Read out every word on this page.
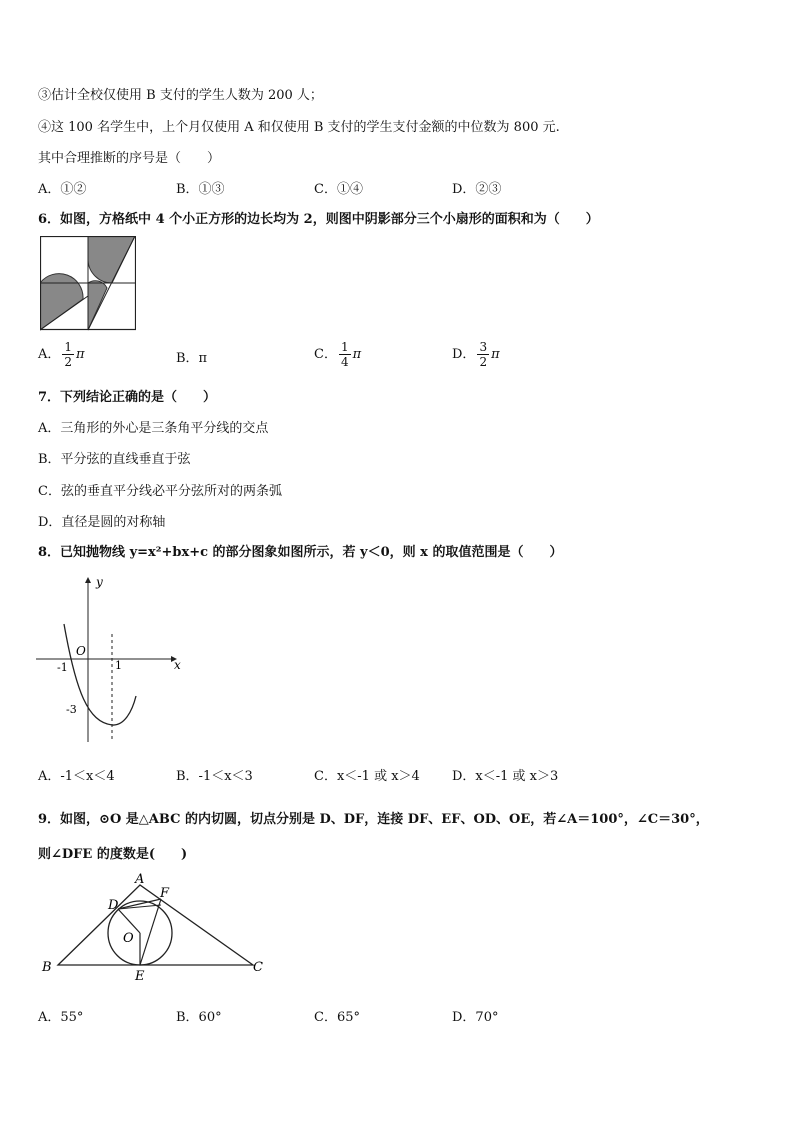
③估计全校仅使用 B 支付的学生人数为 200 人；
④这 100 名学生中，上个月仅使用 A 和仅使用 B 支付的学生支付金额的中位数为 800 元.
其中合理推断的序号是（　　）
A．①②	B．①③	C．①④	D．②③
6．如图，方格纸中 4 个小正方形的边长均为 2，则图中阴影部分三个小扇形的面积和为（　　）
A． $\frac{1}{2}$ π	B．π	C． $\frac{1}{4}$ π	D． $\frac{3}{2}$ π
7．下列结论正确的是（　　）
A．三角形的外心是三条角平分线的交点
B．平分弦的直线垂直于弦
C．弦的垂直平分线必平分弦所对的两条弧
D．直径是圆的对称轴
8．已知抛物线 y=x²+bx+c 的部分图象如图所示，若 y＜0，则 x 的取值范围是（　　）
y
x
O
-1	1
-3
A．-1＜x＜4	B．-1＜x＜3	C．x＜-1 或 x＞4 D．x＜-1 或 x＞3
9．如图，⊙O 是△ABC 的内切圆，切点分别是 D、DF，连接 DF、EF、OD、OE，若∠A＝100°，∠C＝30°，
则∠DFE 的度数是(　　)
A
B	C
D
E
F
O
A．55°	B．60°	C．65°	D．70°
